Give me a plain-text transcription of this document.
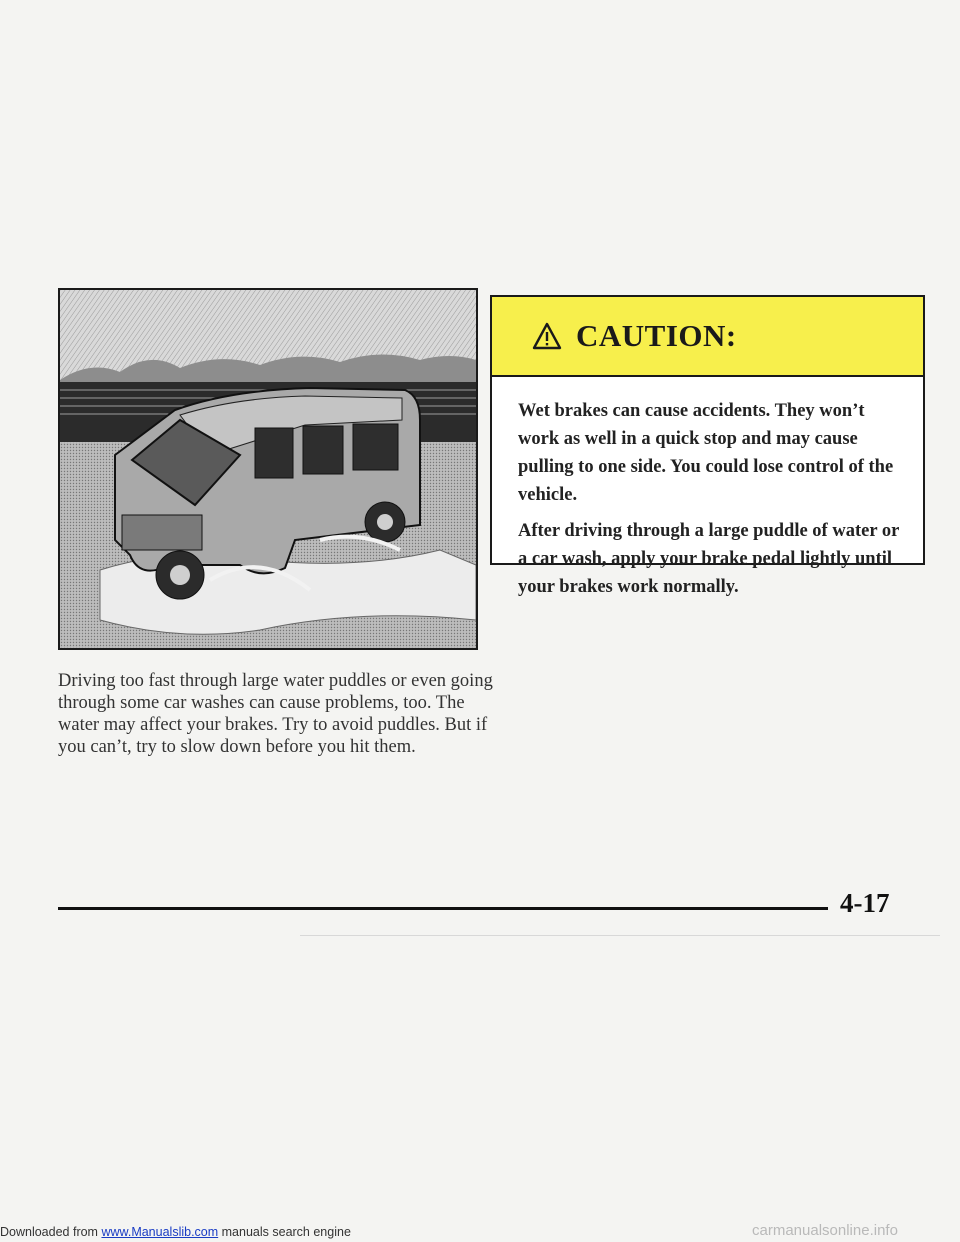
CAUTION:

Wet brakes can cause accidents. They won’t work as well in a quick stop and may cause pulling to one side. You could lose control of the vehicle.

After driving through a large puddle of water or a car wash, apply your brake pedal lightly until your brakes work normally.

Driving too fast through large water puddles or even going through some car washes can cause problems, too. The water may affect your brakes. Try to avoid puddles. But if you can’t, try to slow down before you hit them.

4-17
Downloaded from www.Manualslib.com manuals search engine	carmanualsonline.info
